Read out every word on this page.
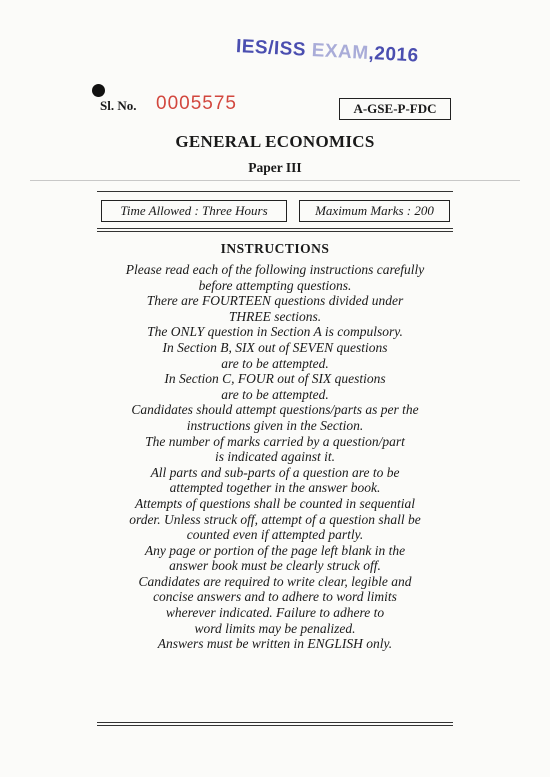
IES/ISS EXAM,2016
Sl. No. 0005575	A-GSE-P-FDC
GENERAL ECONOMICS
Paper III
Time Allowed : Three Hours	Maximum Marks : 200
INSTRUCTIONS
Please read each of the following instructions carefully
before attempting questions.
There are FOURTEEN questions divided under
THREE sections.
The ONLY question in Section A is compulsory.
In Section B, SIX out of SEVEN questions
are to be attempted.
In Section C, FOUR out of SIX questions
are to be attempted.
Candidates should attempt questions/parts as per the
instructions given in the Section.
The number of marks carried by a question/part
is indicated against it.
All parts and sub-parts of a question are to be
attempted together in the answer book.
Attempts of questions shall be counted in sequential
order. Unless struck off, attempt of a question shall be
counted even if attempted partly.
Any page or portion of the page left blank in the
answer book must be clearly struck off.
Candidates are required to write clear, legible and
concise answers and to adhere to word limits
wherever indicated. Failure to adhere to
word limits may be penalized.
Answers must be written in ENGLISH only.
